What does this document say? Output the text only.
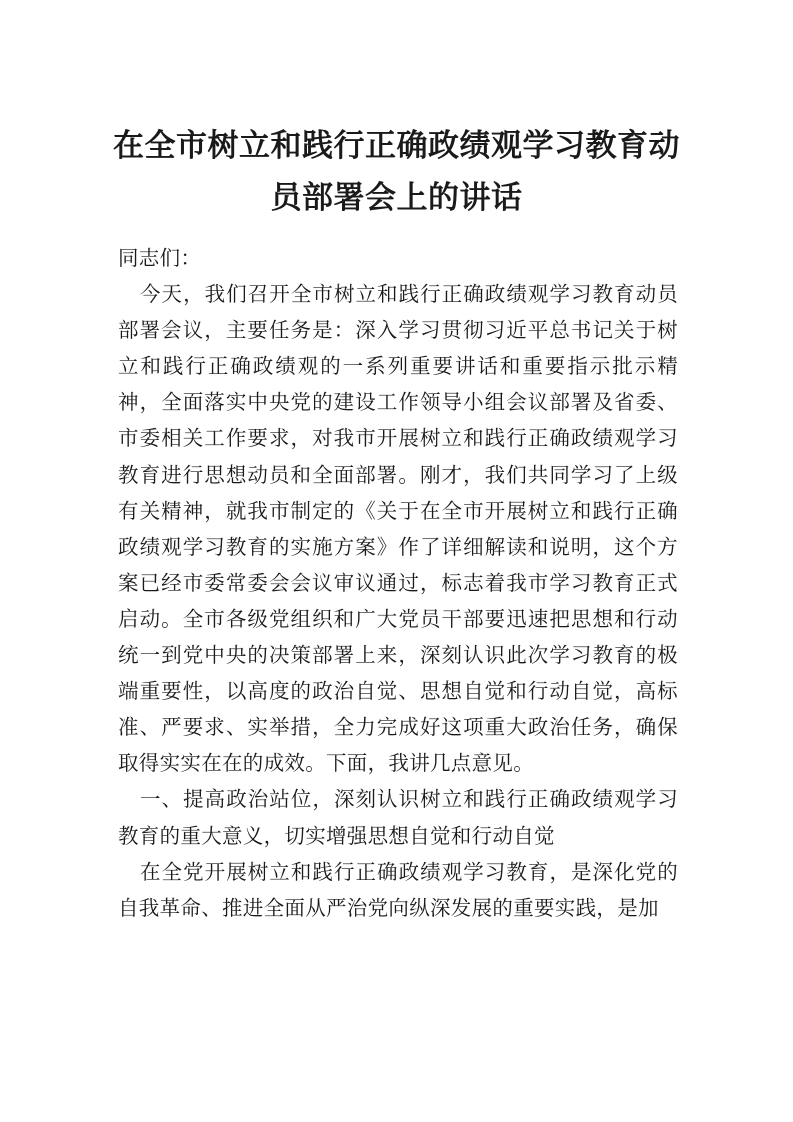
在全市树立和践行正确政绩观学习教育动员部署会上的讲话

同志们：

今天，我们召开全市树立和践行正确政绩观学习教育动员部署会议，主要任务是：深入学习贯彻习近平总书记关于树立和践行正确政绩观的一系列重要讲话和重要指示批示精神，全面落实中央党的建设工作领导小组会议部署及省委、市委相关工作要求，对我市开展树立和践行正确政绩观学习教育进行思想动员和全面部署。刚才，我们共同学习了上级有关精神，就我市制定的《关于在全市开展树立和践行正确政绩观学习教育的实施方案》作了详细解读和说明，这个方案已经市委常委会会议审议通过，标志着我市学习教育正式启动。全市各级党组织和广大党员干部要迅速把思想和行动统一到党中央的决策部署上来，深刻认识此次学习教育的极端重要性，以高度的政治自觉、思想自觉和行动自觉，高标准、严要求、实举措，全力完成好这项重大政治任务，确保取得实实在在的成效。下面，我讲几点意见。

一、提高政治站位，深刻认识树立和践行正确政绩观学习教育的重大意义，切实增强思想自觉和行动自觉

在全党开展树立和践行正确政绩观学习教育，是深化党的自我革命、推进全面从严治党向纵深发展的重要实践，是加
